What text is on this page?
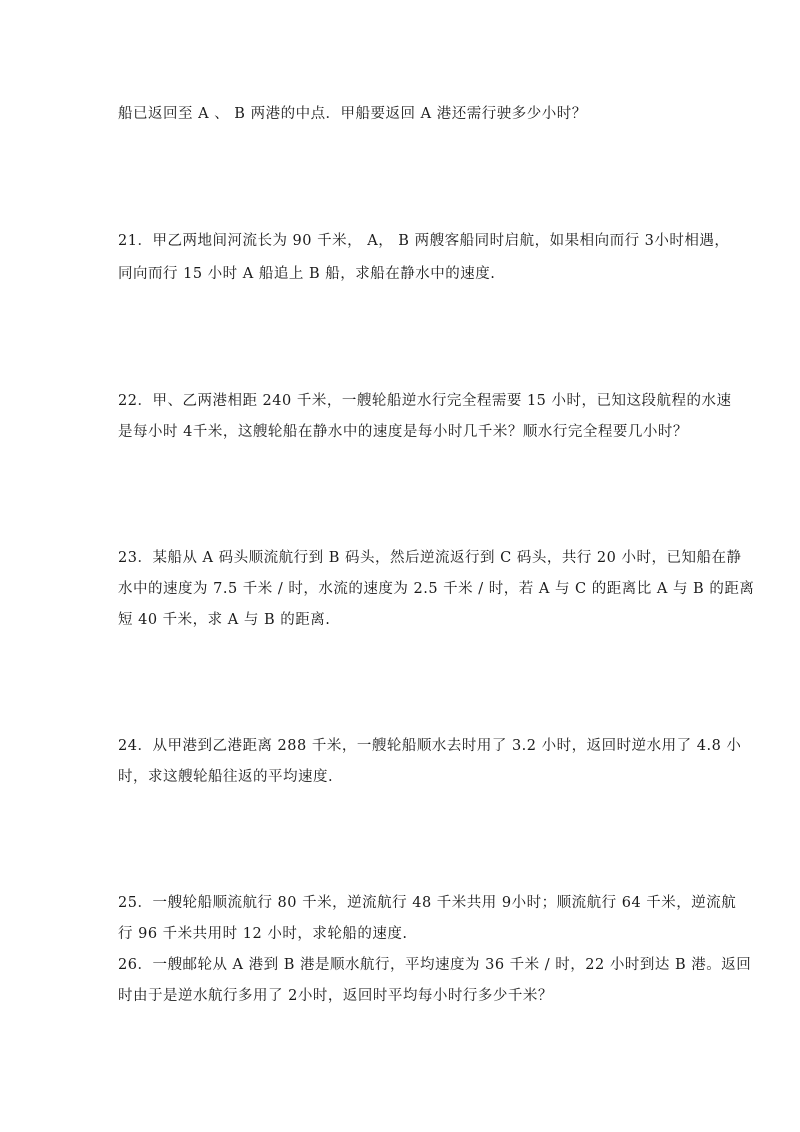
船已返回至 A 、 B 两港的中点．甲船要返回 A 港还需行驶多少小时？
21．甲乙两地间河流长为 90 千米， A， B 两艘客船同时启航，如果相向而行 3小时相遇，
同向而行 15 小时 A 船追上 B 船，求船在静水中的速度.
22．甲、乙两港相距 240 千米，一艘轮船逆水行完全程需要 15 小时，已知这段航程的水速
是每小时 4千米，这艘轮船在静水中的速度是每小时几千米？顺水行完全程要几小时？
23．某船从 A 码头顺流航行到 B 码头，然后逆流返行到 C 码头，共行 20 小时，已知船在静
水中的速度为 7.5 千米 / 时，水流的速度为 2.5 千米 / 时，若 A 与 C 的距离比 A 与 B 的距离
短 40 千米，求 A 与 B 的距离.
24．从甲港到乙港距离 288 千米，一艘轮船顺水去时用了 3.2 小时，返回时逆水用了 4.8 小
时，求这艘轮船往返的平均速度.
25．一艘轮船顺流航行 80 千米，逆流航行 48 千米共用 9小时；顺流航行 64 千米，逆流航
行 96 千米共用时 12 小时，求轮船的速度.
26．一艘邮轮从 A 港到 B 港是顺水航行，平均速度为 36 千米 / 时，22 小时到达 B 港。返回
时由于是逆水航行多用了 2小时，返回时平均每小时行多少千米？
